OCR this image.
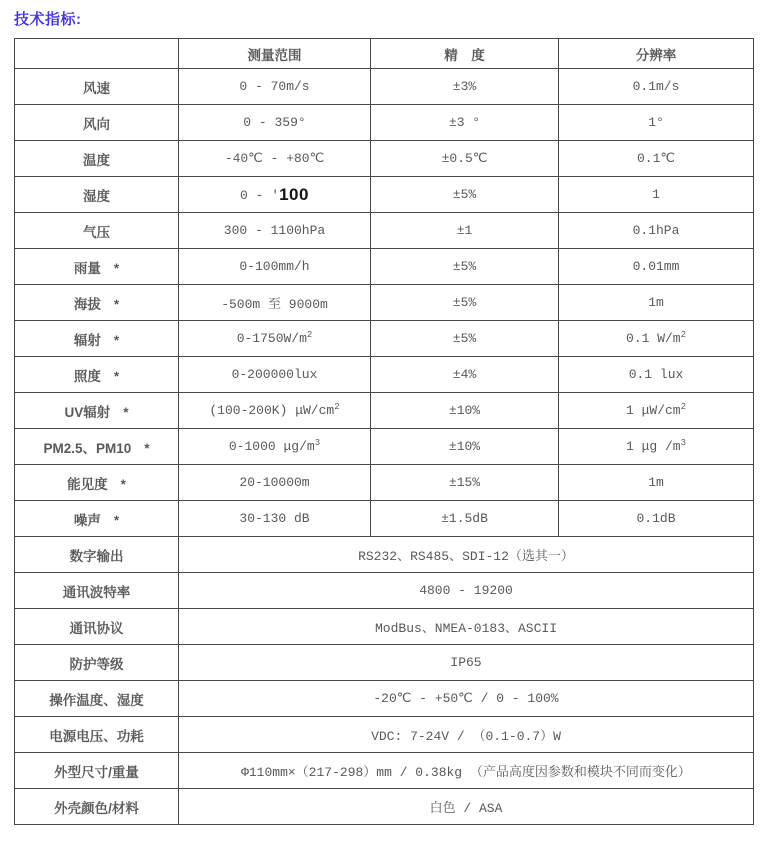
技术指标:
	测量范围	精　度	分辨率
风速	0 - 70m/s	±3%	0.1m/s
风向	0 - 359°	±3 °	1°
温度	-40℃ - +80℃	±0.5℃	0.1℃
湿度	0 - '100	±5%	1
气压	300 - 1100hPa	±1	0.1hPa
雨量 *	0-100mm/h	±5%	0.01mm
海拔 *	-500m 至 9000m	±5%	1m
辐射 *	$0-1750W/m^2$	±5%	0.1 $W/m^2$
照度 *	0-200000lux	±4%	0.1 lux
UV辐射 *	(100-200K) $\mu W/cm^2$	±10%	1 $\mu W/cm^2$
PM2.5、PM10 *	0-1000 $\mu g/m^3$	±10%	1 μg $/m^3$
能见度 *	20-10000m	±15%	1m
噪声 *	30-130 dB	±1.5dB	0.1dB
数字输出	RS232、RS485、SDI-12（选其一）		
通讯波特率	4800 - 19200		
通讯协议	ModBus、NMEA-0183、ASCII		
防护等级	IP65		
操作温度、湿度	-20℃ - +50℃ / 0 - 100%		
电源电压、功耗	VDC: 7-24V / （0.1-0.7）W		
外型尺寸/重量	Φ110mm×（217-298）mm / 0.38kg （产品高度因参数和模块不同而变化）		
外壳颜色/材料	白色 / ASA		
